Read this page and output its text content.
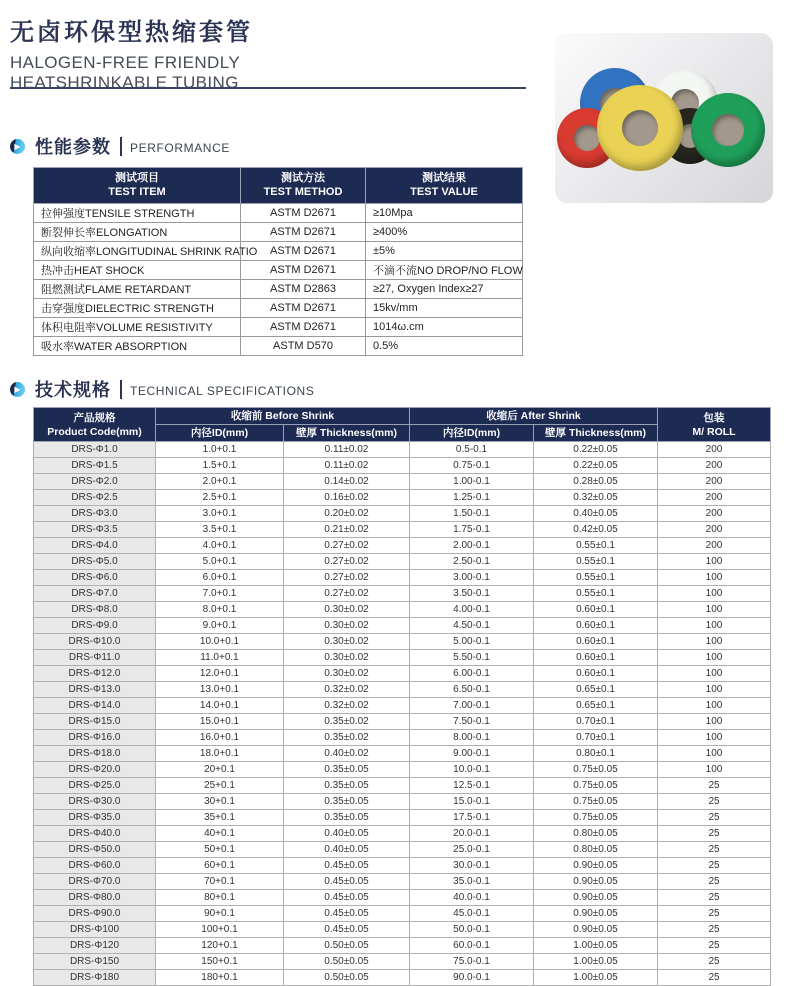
无卤环保型热缩套管

HALOGEN-FREE FRIENDLY
HEATSHRINKABLE TUBING

▶ 性能参数 PERFORMANCE
测试项目
TEST ITEM	测试方法
TEST METHOD	测试结果
TEST VALUE

拉伸强度TENSILE STRENGTH	ASTM D2671	≥10Mpa
断裂伸长率ELONGATION	ASTM D2671	≥400%
纵向收缩率LONGITUDINAL SHRINK RATIO	ASTM D2671	±5%
热冲击HEAT SHOCK	ASTM D2671	不滴不流NO DROP/NO FLOW
阻燃测试FLAME RETARDANT	ASTM D2863	≥27, Oxygen Index≥27
击穿强度DIELECTRIC STRENGTH	ASTM D2671	15kv/mm
体积电阻率VOLUME RESISTIVITY	ASTM D2671	1014ω.cm
吸水率WATER ABSORPTION	ASTM D570	0.5%
▶ 技术规格 TECHNICAL SPECIFICATIONS
产品规格
Product Code(mm)	收缩前 Before Shrink		收缩后 After Shrink		包装
M/ ROLL
	内径ID(mm)	壁厚 Thickness(mm)	内径ID(mm)	壁厚 Thickness(mm)	
DRS-Φ1.0	1.0+0.1	0.11±0.02	0.5-0.1	0.22±0.05	200
DRS-Φ1.5	1.5+0.1	0.11±0.02	0.75-0.1	0.22±0.05	200
DRS-Φ2.0	2.0+0.1	0.14±0.02	1.00-0.1	0.28±0.05	200
DRS-Φ2.5	2.5+0.1	0.16±0.02	1.25-0.1	0.32±0.05	200
DRS-Φ3.0	3.0+0.1	0.20±0.02	1.50-0.1	0.40±0.05	200
DRS-Φ3.5	3.5+0.1	0.21±0.02	1.75-0.1	0.42±0.05	200
DRS-Φ4.0	4.0+0.1	0.27±0.02	2.00-0.1	0.55±0.1	200
DRS-Φ5.0	5.0+0.1	0.27±0.02	2.50-0.1	0.55±0.1	100
DRS-Φ6.0	6.0+0.1	0.27±0.02	3.00-0.1	0.55±0.1	100
DRS-Φ7.0	7.0+0.1	0.27±0.02	3.50-0.1	0.55±0.1	100
DRS-Φ8.0	8.0+0.1	0.30±0.02	4.00-0.1	0.60±0.1	100
DRS-Φ9.0	9.0+0.1	0.30±0.02	4.50-0.1	0.60±0.1	100
DRS-Φ10.0	10.0+0.1	0.30±0.02	5.00-0.1	0.60±0.1	100
DRS-Φ11.0	11.0+0.1	0.30±0.02	5.50-0.1	0.60±0.1	100
DRS-Φ12.0	12.0+0.1	0.30±0.02	6.00-0.1	0.60±0.1	100
DRS-Φ13.0	13.0+0.1	0.32±0.02	6.50-0.1	0.65±0.1	100
DRS-Φ14.0	14.0+0.1	0.32±0.02	7.00-0.1	0.65±0.1	100
DRS-Φ15.0	15.0+0.1	0.35±0.02	7.50-0.1	0.70±0.1	100
DRS-Φ16.0	16.0+0.1	0.35±0.02	8.00-0.1	0.70±0.1	100
DRS-Φ18.0	18.0+0.1	0.40±0.02	9.00-0.1	0.80±0.1	100
DRS-Φ20.0	20+0.1	0.35±0.05	10.0-0.1	0.75±0.05	100
DRS-Φ25.0	25+0.1	0.35±0.05	12.5-0.1	0.75±0.05	25
DRS-Φ30.0	30+0.1	0.35±0.05	15.0-0.1	0.75±0.05	25
DRS-Φ35.0	35+0.1	0.35±0.05	17.5-0.1	0.75±0.05	25
DRS-Φ40.0	40+0.1	0.40±0.05	20.0-0.1	0.80±0.05	25
DRS-Φ50.0	50+0.1	0.40±0.05	25.0-0.1	0.80±0.05	25
DRS-Φ60.0	60+0.1	0.45±0.05	30.0-0.1	0.90±0.05	25
DRS-Φ70.0	70+0.1	0.45±0.05	35.0-0.1	0.90±0.05	25
DRS-Φ80.0	80+0.1	0.45±0.05	40.0-0.1	0.90±0.05	25
DRS-Φ90.0	90+0.1	0.45±0.05	45.0-0.1	0.90±0.05	25
DRS-Φ100	100+0.1	0.45±0.05	50.0-0.1	0.90±0.05	25
DRS-Φ120	120+0.1	0.50±0.05	60.0-0.1	1.00±0.05	25
DRS-Φ150	150+0.1	0.50±0.05	75.0-0.1	1.00±0.05	25
DRS-Φ180	180+0.1	0.50±0.05	90.0-0.1	1.00±0.05	25
